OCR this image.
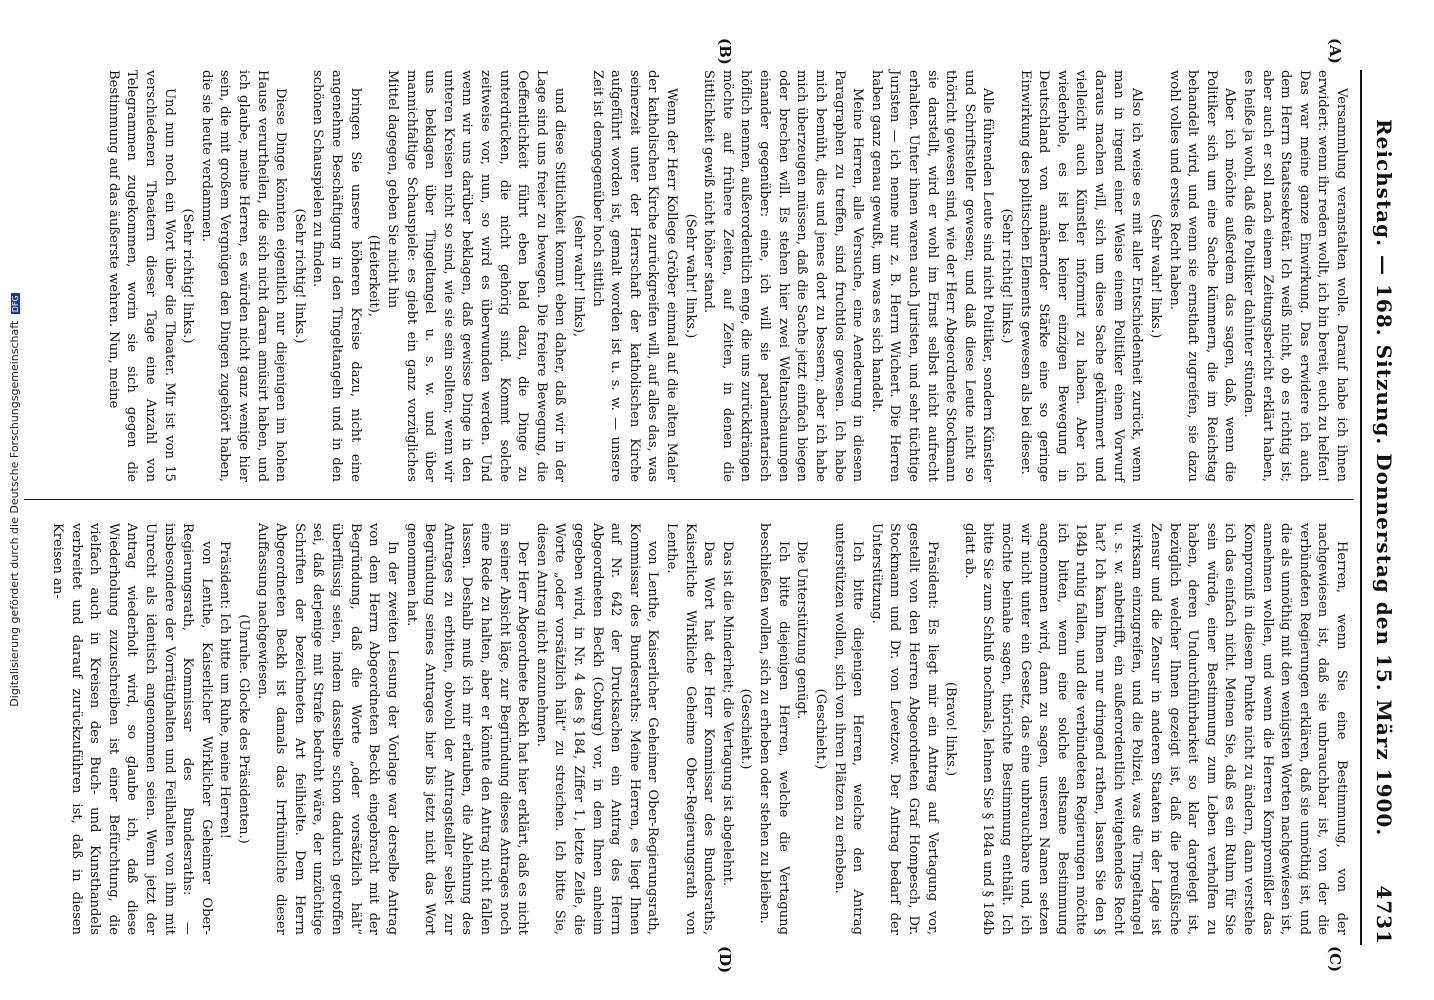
Reichstag. — 168. Sitzung. Donnerstag den 15. März 1900.
4731
(A)
(B)
(C)
(D)

Versammlung veranstalten wolle. Darauf habe ich ihnen erwidert: wenn ihr reden wollt, ich bin bereit, euch zu helfen! Das war meine ganze Einwirkung. Das erwidere ich auch dem Herrn Staatssekretär. Ich weiß nicht, ob es richtig ist; aber auch er soll nach einem Zeitungsbericht erklärt haben, es heiße ja wohl, daß die Politiker dahinter stünden.

Aber ich möchte außerdem das sagen, daß, wenn die Politiker sich um eine Sache kümmern, die im Reichstag behandelt wird, und wenn sie ernsthaft zugreifen, sie dazu wohl volles und erstes Recht haben.

(Sehr wahr! links.)

Also ich weise es mit aller Entschiedenheit zurück, wenn man in irgend einer Weise einem Politiker einen Vorwurf daraus machen will, sich um diese Sache gekümmert und vielleicht auch Künstler informirt zu haben. Aber ich wiederhole, es ist bei keiner einzigen Bewegung in Deutschland von annähernder Stärke eine so geringe Einwirkung des politischen Elements gewesen als bei dieser.

(Sehr richtig! links.)

Alle führenden Leute sind nicht Politiker, sondern Künstler und Schriftsteller gewesen; und daß diese Leute nicht so thöricht gewesen sind, wie der Herr Abgeordnete Stockmann sie darstellt, wird er wohl im Ernst selbst nicht aufrecht erhalten. Unter ihnen waren auch Juristen, und sehr tüchtige Juristen — ich nenne nur z. B. Herrn Wichert. Die Herren haben ganz genau gewußt, um was es sich handelt.

Meine Herren, alle Versuche, eine Aenderung in diesem Paragraphen zu treffen, sind fruchtlos gewesen. Ich habe mich bemüht, dies und jenes dort zu bessern; aber ich habe mich überzeugen müssen, daß die Sache jetzt einfach biegen oder brechen will. Es stehen hier zwei Weltanschauungen einander gegenüber: eine, ich will sie parlamentarisch höflich nennen, außerordentlich enge, die uns zurückdrängen möchte auf frühere Zeiten, auf Zeiten, in denen die Sittlichkeit gewiß nicht höher stand.

(Sehr wahr! links.)

Wenn der Herr Kollege Gröber einmal auf die alten Maler der katholischen Kirche zurückgreifen will, auf alles das, was seinerzeit unter der Herrschaft der katholischen Kirche aufgeführt worden ist, gemalt worden ist u. s. w. — unsere Zeit ist demgegenüber hoch sittlich

(sehr wahr! links),

und diese Sittlichkeit kommt eben daher, daß wir in der Lage sind uns freier zu bewegen. Die freiere Bewegung, die Oeffentlichkeit führt eben bald dazu, die Dinge zu unterdrücken, die nicht gehörig sind. Kommt solche zeitweise vor, nun, so wird es überwunden werden. Und wenn wir uns darüber beklagen, daß gewisse Dinge in den unteren Kreisen nicht so sind, wie sie sein sollten; wenn wir uns beklagen über Tingeltangel u. s. w. und über mannichfaltige Schauspiele: es giebt ein ganz vorzügliches Mittel dagegen, geben Sie nicht hin

(Heiterkeit),

bringen Sie unsere höheren Kreise dazu, nicht eine angenehme Beschäftigung in den Tingeltangeln und in den schönen Schauspielen zu finden.

(Sehr richtig! links.)

Diese Dinge könnten eigentlich nur diejenigen im hohen Hause verurtheilen, die sich nicht daran amüsirt haben, und ich glaube, meine Herren, es würden nicht ganz wenige hier sein, die mit großem Vergnügen den Dingen zugehört haben, die sie heute verdammen.

(Sehr richtig! links.)

Und nun noch ein Wort über die Theater. Mir ist von 15 verschiedenen Theatern dieser Tage eine Anzahl von Telegrammen zugekommen, worin sie sich gegen die Bestimmung auf das äußerste wehren. Nun, meine

Herren, wenn Sie eine Bestimmung, von der nachgewiesen ist, daß sie unbrauchbar ist, von der die verbündeten Regierungen erklären, daß sie unnöthig ist, und die als unnöthig mit den wenigsten Worten nachgewiesen ist, annehmen wollen, und wenn die Herren Kompromißler das Kompromiß in diesem Punkte nicht zu ändern, dann verstehe ich das einfach nicht. Meinen Sie, daß es ein Ruhm für Sie sein würde, einer Bestimmung zum Leben verholfen zu haben, deren Undurchführbarkeit so klar dargelegt ist, bezüglich welcher Ihnen gezeigt ist, daß die preußische Zensur und die Zensur in anderen Staaten in der Lage ist wirksam einzugreifen, und die Polizei, was die Tingeltangel u. s. w. anbetrifft, ein außerordentlich weitgehendes Recht hat? Ich kann Ihnen nur dringend rathen, lassen Sie den § 184b ruhig fallen, und die verbündeten Regierungen möchte ich bitten, wenn eine solche seltsame Bestimmung angenommen wird, dann zu sagen, unseren Namen setzen wir nicht unter ein Gesetz, das eine unbrauchbare und, ich möchte beinahe sagen, thörichte Bestimmung enthält. Ich bitte Sie zum Schluß nochmals, lehnen Sie § 184a und § 184b glatt ab.

(Bravo! links.)

Präsident: Es liegt mir ein Antrag auf Vertagung vor, gestellt von den Herren Abgeordneten Graf Hompesch, Dr. Stockmann und Dr. von Levetzow. Der Antrag bedarf der Unterstützung.

Ich bitte diejenigen Herren, welche den Antrag unterstützen wollen, sich von ihren Plätzen zu erheben.

(Geschieht.)

Die Unterstützung genügt.

Ich bitte diejenigen Herren, welche die Vertagung beschließen wollen, sich zu erheben oder stehen zu bleiben.

(Geschieht.)

Das ist die Minderheit; die Vertagung ist abgelehnt.

Das Wort hat der Herr Kommissar des Bundesraths, Kaiserliche Wirkliche Geheime Ober-Regierungsrath von Lenthe.

von Lenthe, Kaiserlicher Geheimer Ober-Regierungsrath, Kommissar des Bundesraths: Meine Herren, es liegt Ihnen auf Nr. 642 der Drucksachen ein Antrag des Herrn Abgeordneten Beckh (Coburg) vor, in dem Ihnen anheim gegeben wird, in Nr. 4 des § 184, Ziffer 1, letzte Zeile, die Worte „oder vorsätzlich hält“ zu streichen. Ich bitte Sie, diesen Antrag nicht anzunehmen.

Der Herr Abgeordnete Beckh hat hier erklärt, daß es nicht in seiner Absicht läge, zur Begründung dieses Antrages noch eine Rede zu halten, aber er könnte den Antrag nicht fallen lassen. Deshalb muß ich mir erlauben, die Ablehnung des Antrages zu erbitten, obwohl der Antragsteller selbst zur Begründung seines Antrages hier bis jetzt nicht das Wort genommen hat.

In der zweiten Lesung der Vorlage war derselbe Antrag von dem Herrn Abgeordneten Beckh eingebracht mit der Begründung, daß die Worte „oder vorsätzlich hält“ überflüssig seien, indem dasselbe schon dadurch getroffen sei, daß derjenige mit Strafe bedroht wäre, der unzüchtige Schriften der bezeichneten Art feilhielte. Dem Herrn Abgeordneten Beckh ist damals das Irrthümliche dieser Auffassung nachgewiesen.

(Unruhe. Glocke des Präsidenten.)

Präsident: Ich bitte um Ruhe, meine Herren!

von Lenthe, Kaiserlicher Wirklicher Geheimer Ober-Regierungsrath, Kommissar des Bundesraths: — insbesondere der Vorrätighalten und Feilhalten von ihm mit Unrecht als identisch angenommen seien. Wenn jetzt der Antrag wiederholt wird, so glaube ich, daß diese Wiederholung zuzuschreiben ist einer Befürchtung, die vielfach auch in Kreisen des Buch- und Kunsthandels verbreitet und darauf zurückzuführen ist, daß in diesen Kreisen an-

Digitalisierung gefördert durch die Deutsche Forschungsgemeinschaft DFG
